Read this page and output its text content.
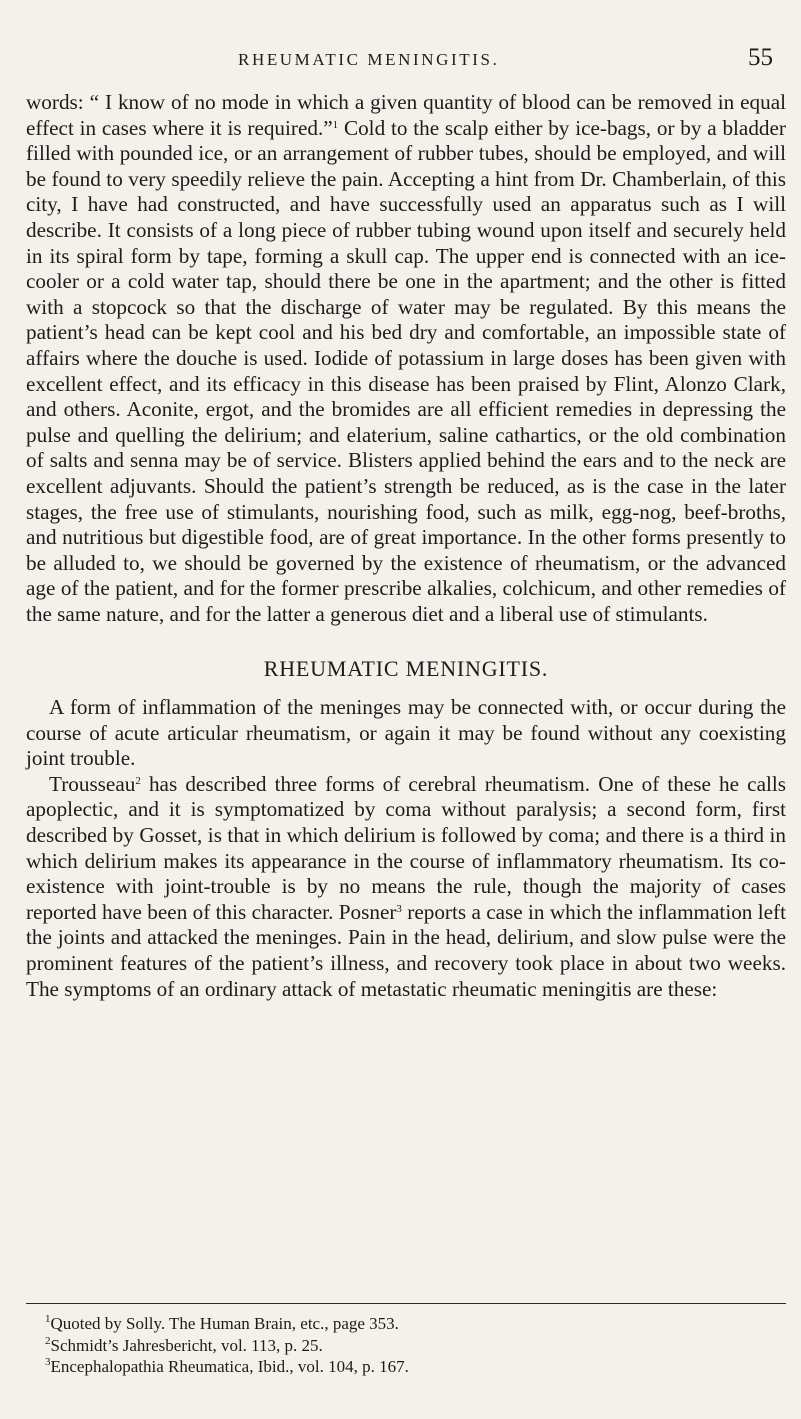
RHEUMATIC MENINGITIS.	55

words: “ I know of no mode in which a given quantity of blood can be removed in equal effect in cases where it is required.”$^1$ Cold to the scalp either by ice-bags, or by a bladder filled with pounded ice, or an arrangement of rubber tubes, should be employed, and will be found to very speedily relieve the pain. Accepting a hint from Dr. Chamberlain, of this city, I have had constructed, and have successfully used an apparatus such as I will describe. It consists of a long piece of rubber tubing wound upon itself and securely held in its spiral form by tape, forming a skull cap. The upper end is connected with an ice-cooler or a cold water tap, should there be one in the apartment; and the other is fitted with a stopcock so that the discharge of water may be regulated. By this means the patient’s head can be kept cool and his bed dry and comfortable, an impossible state of affairs where the douche is used. Iodide of potassium in large doses has been given with excellent effect, and its efficacy in this disease has been praised by Flint, Alonzo Clark, and others. Aconite, ergot, and the bromides are all efficient remedies in depressing the pulse and quelling the delirium; and elaterium, saline cathartics, or the old combination of salts and senna may be of service. Blisters applied behind the ears and to the neck are excellent adjuvants. Should the patient’s strength be reduced, as is the case in the later stages, the free use of stimulants, nourishing food, such as milk, egg-nog, beef-broths, and nutritious but digestible food, are of great importance. In the other forms presently to be alluded to, we should be governed by the existence of rheumatism, or the advanced age of the patient, and for the former prescribe alkalies, colchicum, and other remedies of the same nature, and for the latter a generous diet and a liberal use of stimulants.

RHEUMATIC MENINGITIS.

A form of inflammation of the meninges may be connected with, or occur during the course of acute articular rheumatism, or again it may be found without any coexisting joint trouble.

Trousseau$^2$ has described three forms of cerebral rheumatism. One of these he calls apoplectic, and it is symptomatized by coma without paralysis; a second form, first described by Gosset, is that in which delirium is followed by coma; and there is a third in which delirium makes its appearance in the course of inflammatory rheumatism. Its co-existence with joint-trouble is by no means the rule, though the majority of cases reported have been of this character. Posner$^3$ reports a case in which the inflammation left the joints and attacked the meninges. Pain in the head, delirium, and slow pulse were the prominent features of the patient’s illness, and recovery took place in about two weeks. The symptoms of an ordinary attack of metastatic rheumatic meningitis are these:

$^1$Quoted by Solly. The Human Brain, etc., page 353.

$^2$Schmidt’s Jahresbericht, vol. 113, p. 25.

$^3$Encephalopathia Rheumatica, Ibid., vol. 104, p. 167.
